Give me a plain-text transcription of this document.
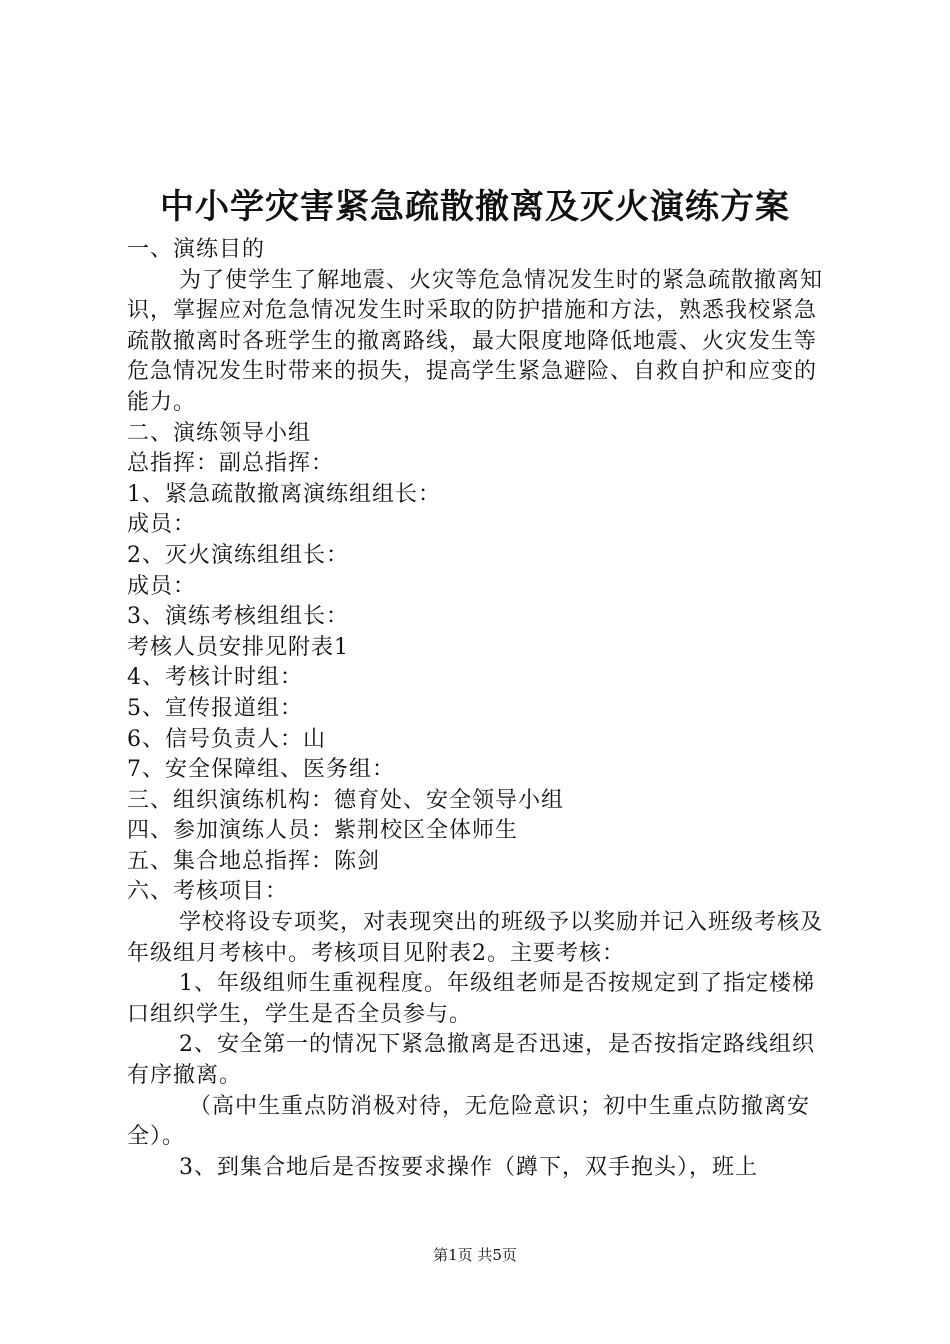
中小学灾害紧急疏散撤离及灭火演练方案

一、演练目的

为了使学生了解地震、火灾等危急情况发生时的紧急疏散撤离知识，掌握应对危急情况发生时采取的防护措施和方法，熟悉我校紧急疏散撤离时各班学生的撤离路线，最大限度地降低地震、火灾发生等危急情况发生时带来的损失，提高学生紧急避险、自救自护和应变的能力。

二、演练领导小组

总指挥：副总指挥：

1、紧急疏散撤离演练组组长：

成员：

2、灭火演练组组长：

成员：

3、演练考核组组长：

考核人员安排见附表1

4、考核计时组：

5、宣传报道组：

6、信号负责人：山

7、安全保障组、医务组：

三、组织演练机构：德育处、安全领导小组

四、参加演练人员：紫荆校区全体师生

五、集合地总指挥：陈剑

六、考核项目：

学校将设专项奖，对表现突出的班级予以奖励并记入班级考核及年级组月考核中。考核项目见附表2。主要考核：

1、年级组师生重视程度。年级组老师是否按规定到了指定楼梯口组织学生，学生是否全员参与。

2、安全第一的情况下紧急撤离是否迅速，是否按指定路线组织有序撤离。

（高中生重点防消极对待，无危险意识；初中生重点防撤离安全）。

3、到集合地后是否按要求操作（蹲下，双手抱头），班上

第1页 共5页
